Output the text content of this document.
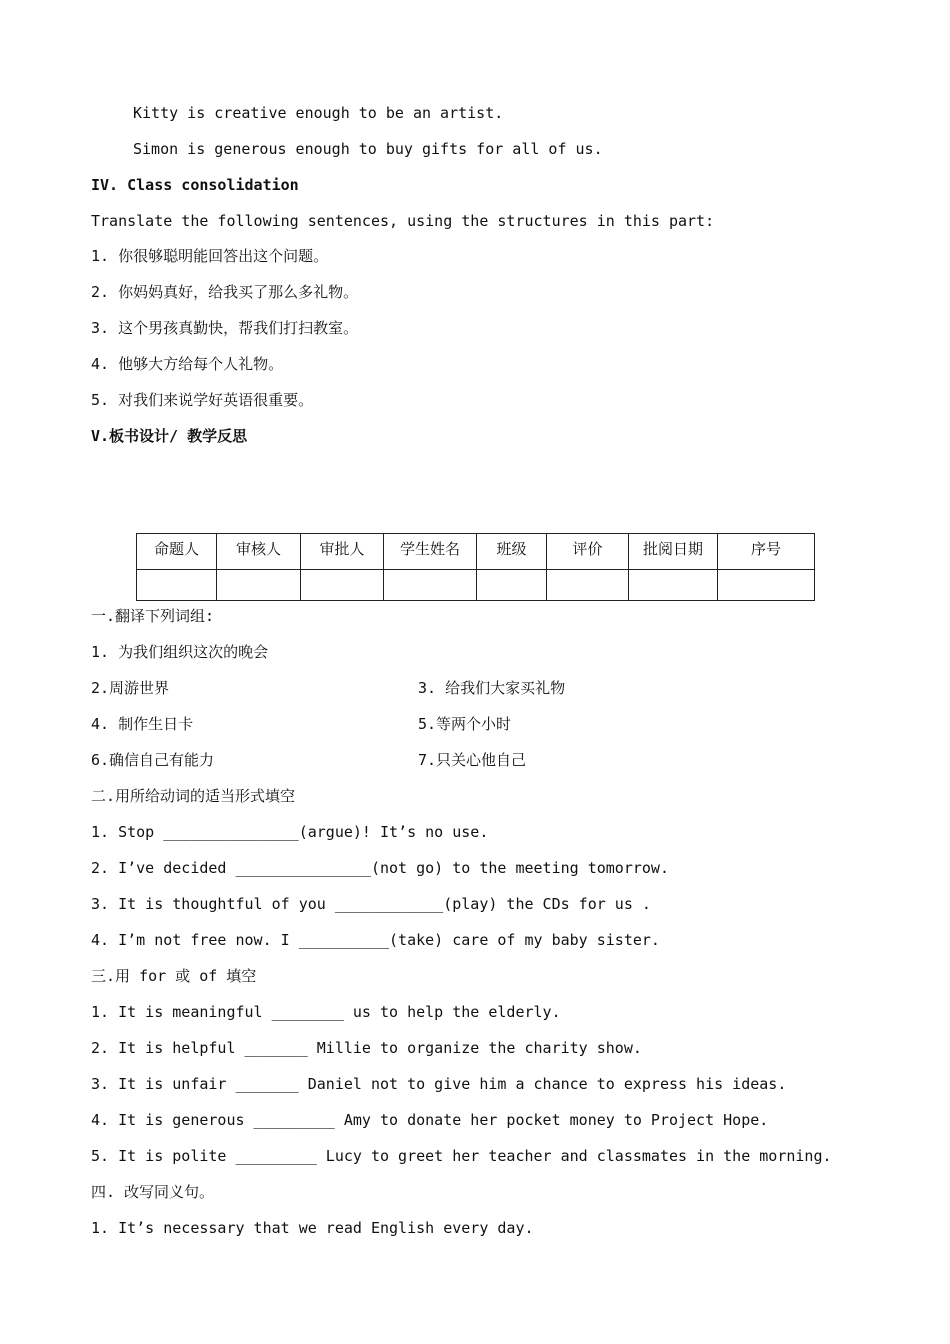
Kitty is creative enough to be an artist.
Simon is generous enough to buy gifts for all of us.
IV. Class consolidation
Translate the following sentences, using the structures in this part:
1. 你很够聪明能回答出这个问题。
2. 你妈妈真好，给我买了那么多礼物。
3. 这个男孩真勤快，帮我们打扫教室。
4. 他够大方给每个人礼物。
5. 对我们来说学好英语很重要。
V.板书设计/ 教学反思
命题人	审核人	审批人	学生姓名	班级	评价	批阅日期	序号

一.翻译下列词组:
1. 为我们组织这次的晚会
2.周游世界	3. 给我们大家买礼物
4. 制作生日卡	5.等两个小时
6.确信自己有能力	7.只关心他自己
二.用所给动词的适当形式填空
1. Stop _______________(argue)! It’s no use.
2. I’ve decided _______________(not go) to the meeting tomorrow.
3. It is thoughtful of you ____________(play) the CDs for us .
4. I’m not free now. I __________(take) care of my baby sister.
三.用 for 或 of 填空
1. It is meaningful ________ us to help the elderly.
2. It is helpful _______ Millie to organize the charity show.
3. It is unfair _______ Daniel not to give him a chance to express his ideas.
4. It is generous _________ Amy to donate her pocket money to Project Hope.
5. It is polite _________ Lucy to greet her teacher and classmates in the morning.
四. 改写同义句。
1. It’s necessary that we read English every day.
